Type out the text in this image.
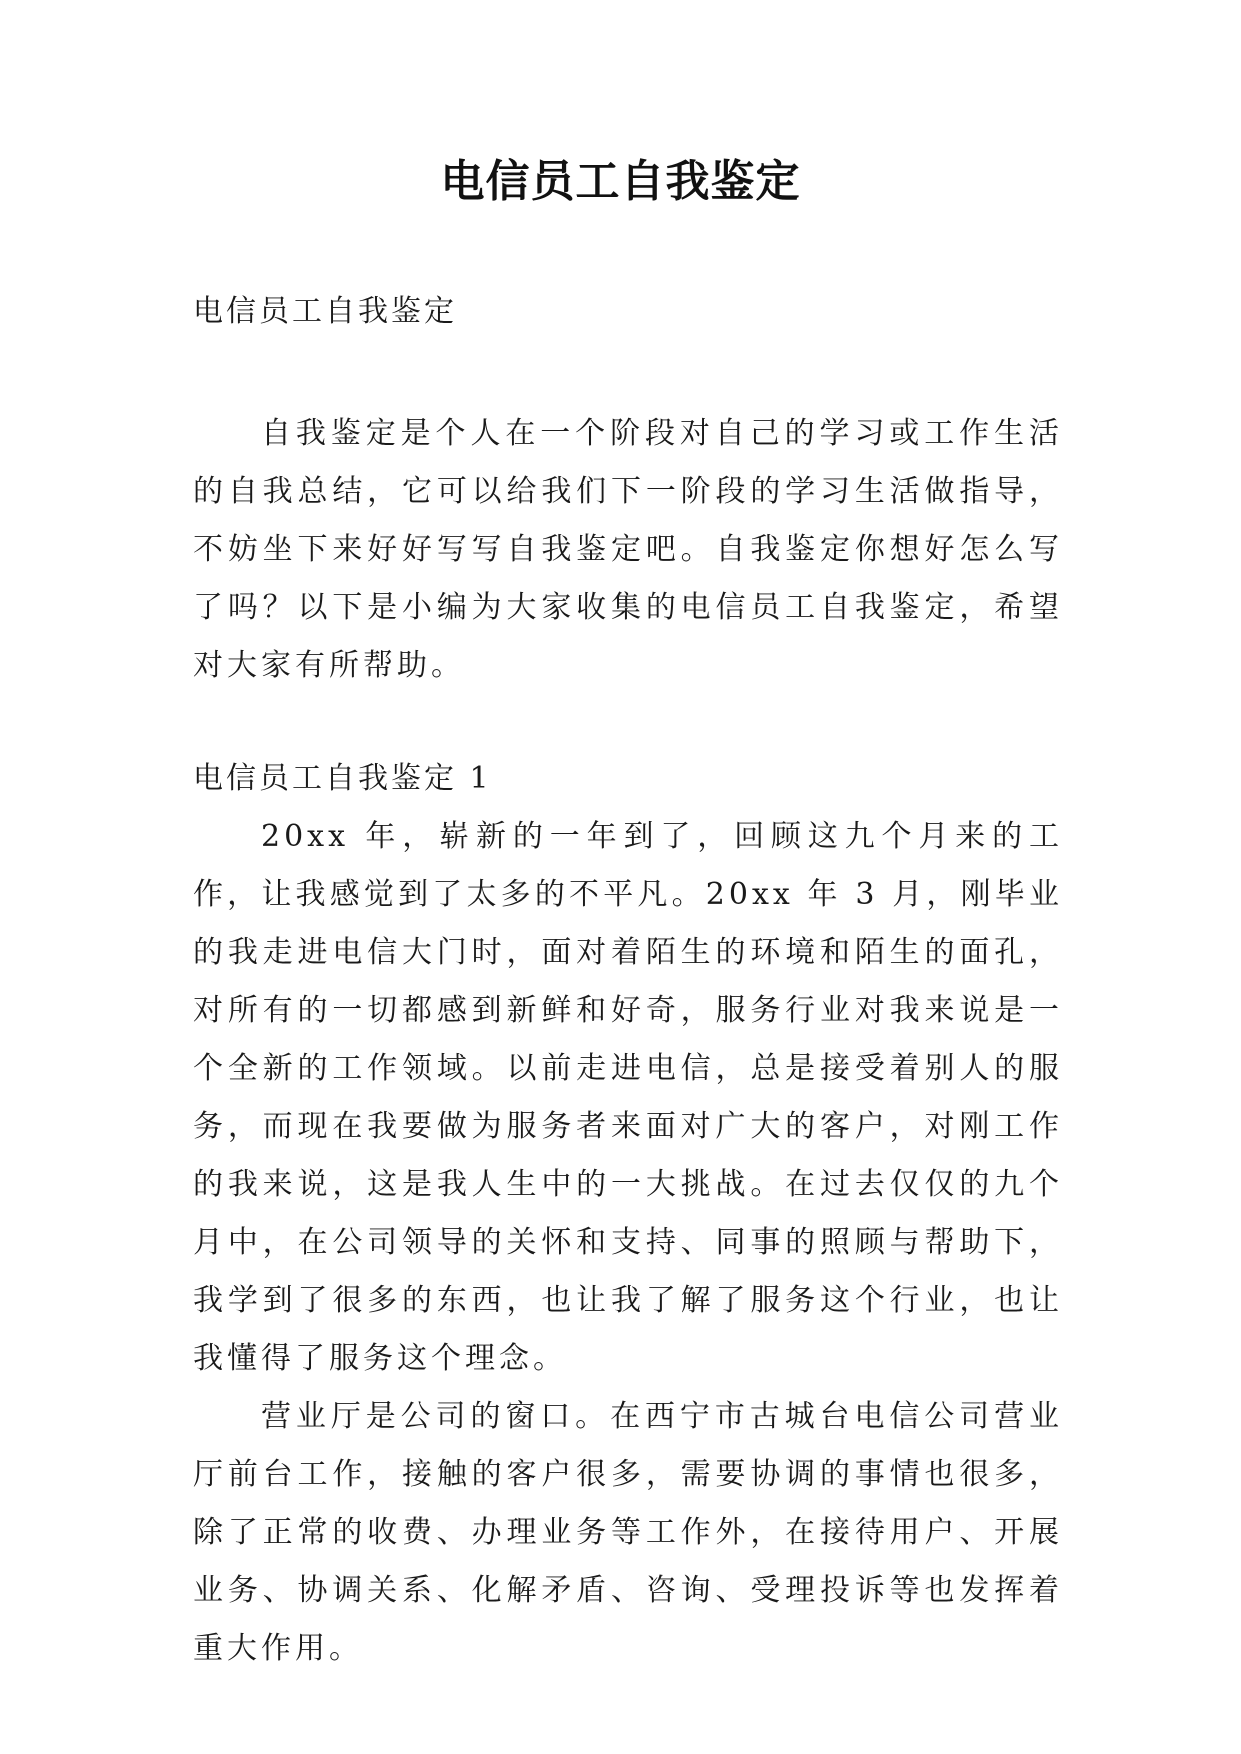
电信员工自我鉴定

电信员工自我鉴定

自我鉴定是个人在一个阶段对自己的学习或工作生活的自我总结，它可以给我们下一阶段的学习生活做指导，不妨坐下来好好写写自我鉴定吧。自我鉴定你想好怎么写了吗？以下是小编为大家收集的电信员工自我鉴定，希望对大家有所帮助。

电信员工自我鉴定 1

20xx 年，崭新的一年到了，回顾这九个月来的工作，让我感觉到了太多的不平凡。20xx 年 3 月，刚毕业的我走进电信大门时，面对着陌生的环境和陌生的面孔，对所有的一切都感到新鲜和好奇，服务行业对我来说是一个全新的工作领域。以前走进电信，总是接受着别人的服务，而现在我要做为服务者来面对广大的客户，对刚工作的我来说，这是我人生中的一大挑战。在过去仅仅的九个月中，在公司领导的关怀和支持、同事的照顾与帮助下，我学到了很多的东西，也让我了解了服务这个行业，也让我懂得了服务这个理念。

营业厅是公司的窗口。在西宁市古城台电信公司营业厅前台工作，接触的客户很多，需要协调的事情也很多，除了正常的收费、办理业务等工作外，在接待用户、开展业务、协调关系、化解矛盾、咨询、受理投诉等也发挥着重大作用。
